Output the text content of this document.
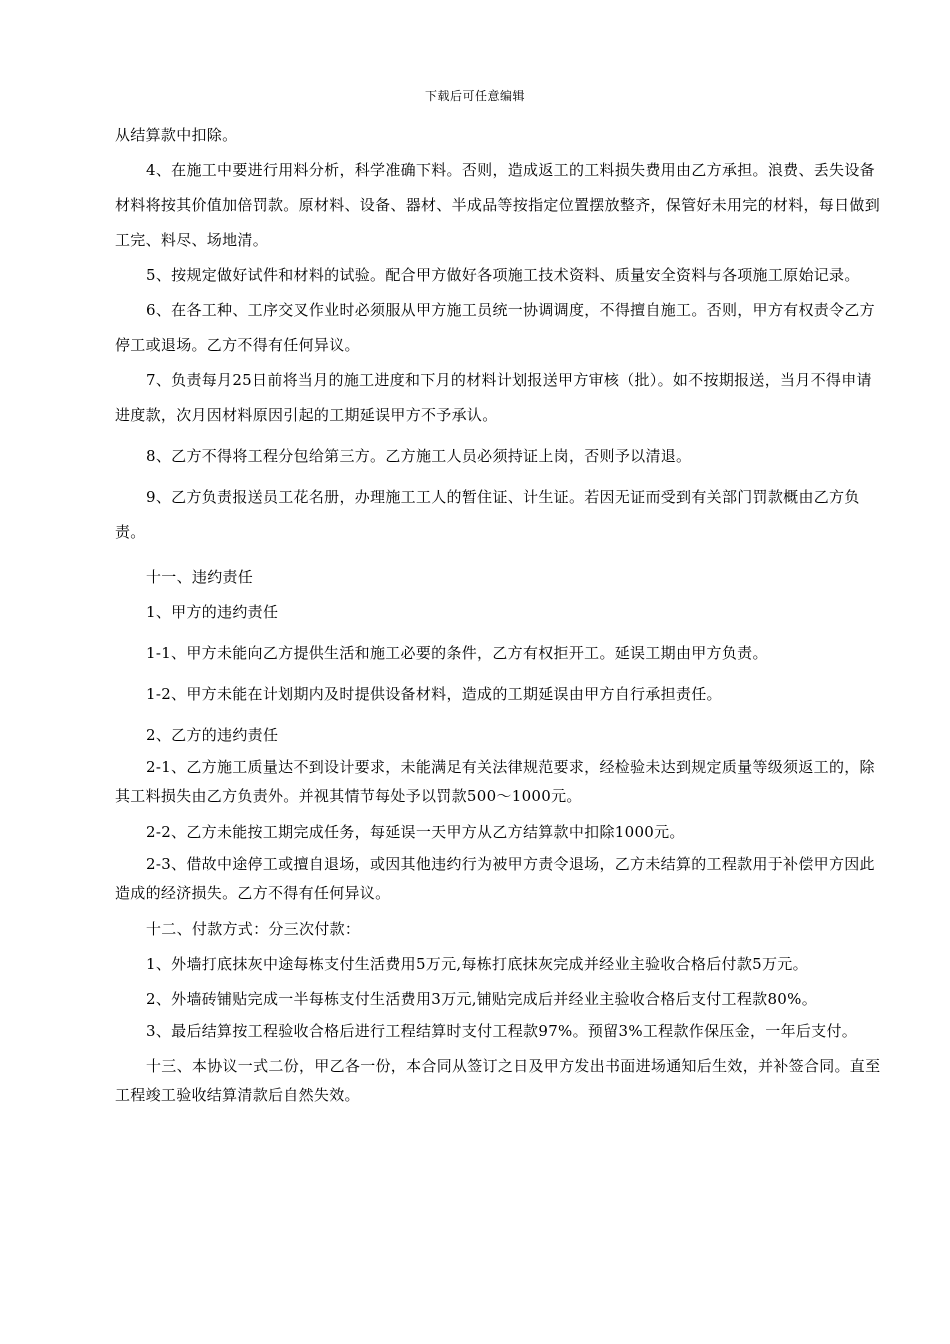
下载后可任意编辑

从结算款中扣除。

4、在施工中要进行用料分析，科学准确下料。否则，造成返工的工料损失费用由乙方承担。浪费、丢失设备材料将按其价值加倍罚款。原材料、设备、器材、半成品等按指定位置摆放整齐，保管好未用完的材料，每日做到工完、料尽、场地清。

5、按规定做好试件和材料的试验。配合甲方做好各项施工技术资料、质量安全资料与各项施工原始记录。

6、在各工种、工序交叉作业时必须服从甲方施工员统一协调调度，不得擅自施工。否则，甲方有权责令乙方停工或退场。乙方不得有任何异议。

7、负责每月25日前将当月的施工进度和下月的材料计划报送甲方审核（批）。如不按期报送，当月不得申请进度款，次月因材料原因引起的工期延误甲方不予承认。

8、乙方不得将工程分包给第三方。乙方施工人员必须持证上岗，否则予以清退。

9、乙方负责报送员工花名册，办理施工工人的暂住证、计生证。若因无证而受到有关部门罚款概由乙方负责。

十一、违约责任

1、甲方的违约责任

1-1、甲方未能向乙方提供生活和施工必要的条件，乙方有权拒开工。延误工期由甲方负责。

1-2、甲方未能在计划期内及时提供设备材料，造成的工期延误由甲方自行承担责任。

2、乙方的违约责任

2-1、乙方施工质量达不到设计要求，未能满足有关法律规范要求，经检验未达到规定质量等级须返工的，除其工料损失由乙方负责外。并视其情节每处予以罚款500～1000元。

2-2、乙方未能按工期完成任务，每延误一天甲方从乙方结算款中扣除1000元。

2-3、借故中途停工或擅自退场，或因其他违约行为被甲方责令退场，乙方未结算的工程款用于补偿甲方因此造成的经济损失。乙方不得有任何异议。

十二、付款方式：分三次付款：

1、外墙打底抹灰中途每栋支付生活费用5万元,每栋打底抹灰完成并经业主验收合格后付款5万元。

2、外墙砖铺贴完成一半每栋支付生活费用3万元,铺贴完成后并经业主验收合格后支付工程款80%。

3、最后结算按工程验收合格后进行工程结算时支付工程款97%。预留3%工程款作保压金，一年后支付。

十三、本协议一式二份，甲乙各一份，本合同从签订之日及甲方发出书面进场通知后生效，并补签合同。直至工程竣工验收结算清款后自然失效。
